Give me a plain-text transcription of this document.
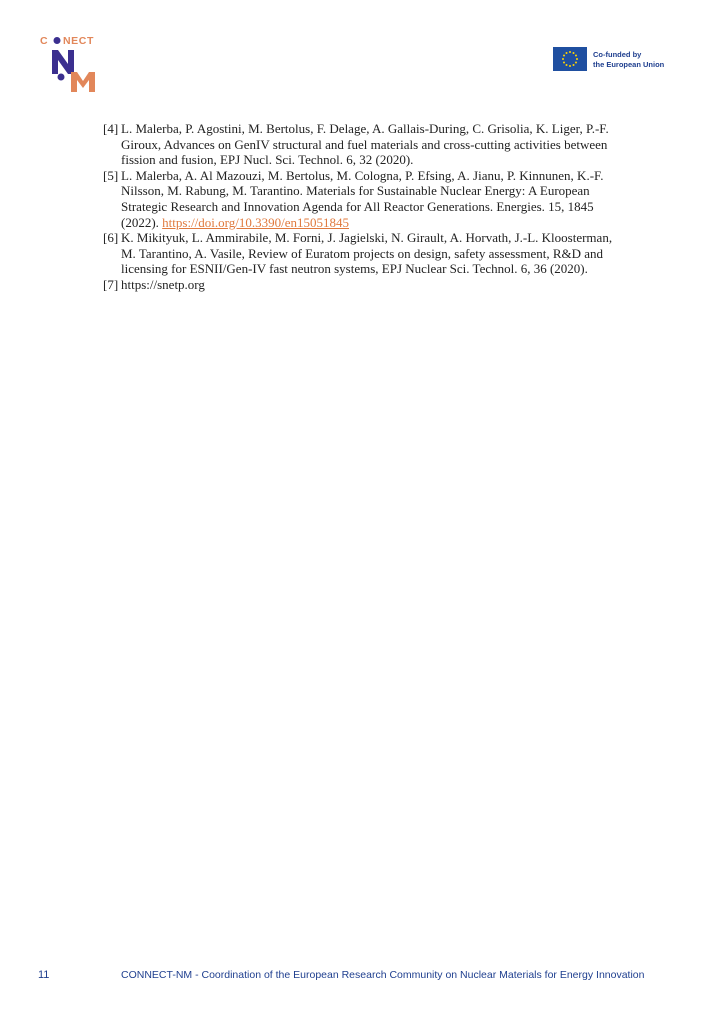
C NECT
Co-funded by
the European Union
[4] L. Malerba, P. Agostini, M. Bertolus, F. Delage, A. Gallais-During, C. Grisolia, K. Liger, P.-F. Giroux, Advances on GenIV structural and fuel materials and cross-cutting activities between fission and fusion, EPJ Nucl. Sci. Technol. 6, 32 (2020).
[5] L. Malerba, A. Al Mazouzi, M. Bertolus, M. Cologna, P. Efsing, A. Jianu, P. Kinnunen, K.-F. Nilsson, M. Rabung, M. Tarantino. Materials for Sustainable Nuclear Energy: A European Strategic Research and Innovation Agenda for All Reactor Generations. Energies. 15, 1845 (2022). https://doi.org/10.3390/en15051845
[6] K. Mikityuk, L. Ammirabile, M. Forni, J. Jagielski, N. Girault, A. Horvath, J.-L. Kloosterman, M. Tarantino, A. Vasile, Review of Euratom projects on design, safety assessment, R&D and licensing for ESNII/Gen-IV fast neutron systems, EPJ Nuclear Sci. Technol. 6, 36 (2020).
[7] https://snetp.org
11	CONNECT-NM - Coordination of the European Research Community on Nuclear Materials for Energy Innovation
